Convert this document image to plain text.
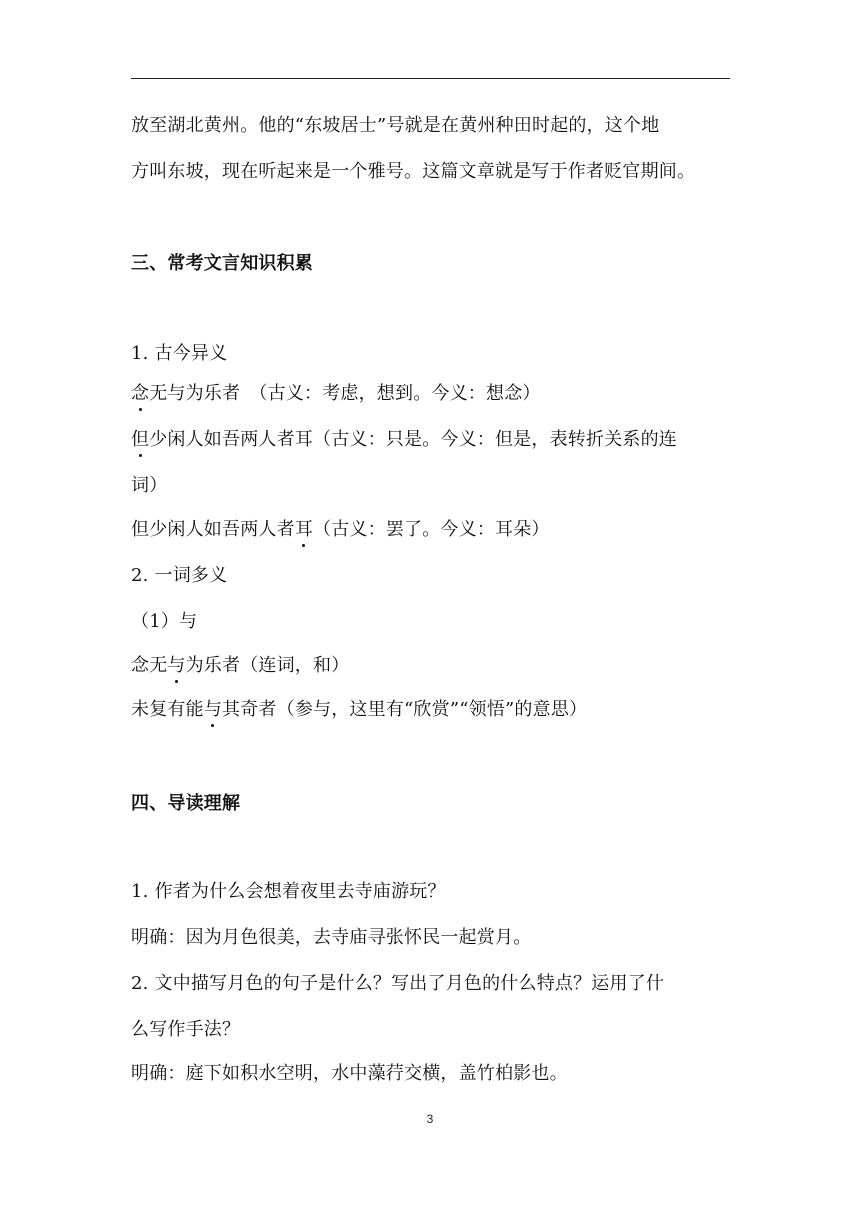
放至湖北黄州。他的“东坡居士”号就是在黄州种田时起的，这个地
方叫东坡，现在听起来是一个雅号。这篇文章就是写于作者贬官期间。
三、常考文言知识积累
1. 古今异义
念无与为乐者　（古义：考虑，想到。今义：想念）
但少闲人如吾两人者耳（古义：只是。今义：但是，表转折关系的连
词）
但少闲人如吾两人者耳（古义：罢了。今义：耳朵）
2. 一词多义
（1）与
念无与为乐者（连词，和）
未复有能与其奇者（参与，这里有“欣赏”“领悟”的意思）
四、导读理解
1. 作者为什么会想着夜里去寺庙游玩？
明确：因为月色很美，去寺庙寻张怀民一起赏月。
2. 文中描写月色的句子是什么？写出了月色的什么特点？运用了什
么写作手法？
明确：庭下如积水空明，水中藻荇交横，盖竹柏影也。
3
